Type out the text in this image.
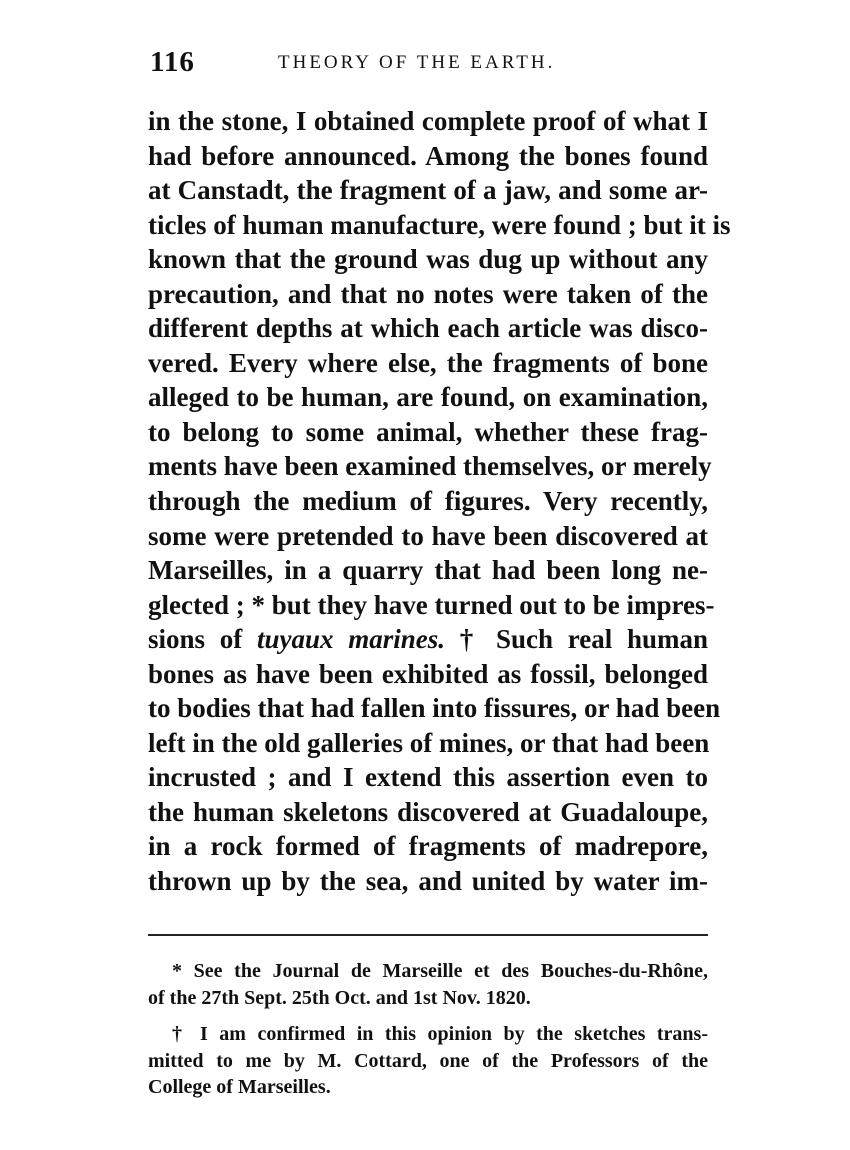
116	THEORY OF THE EARTH.
in the stone, I obtained complete proof of what I
had before announced. Among the bones found
at Canstadt, the fragment of a jaw, and some ar-
ticles of human manufacture, were found ; but it is
known that the ground was dug up without any
precaution, and that no notes were taken of the
different depths at which each article was disco-
vered. Every where else, the fragments of bone
alleged to be human, are found, on examination,
to belong to some animal, whether these frag-
ments have been examined themselves, or merely
through the medium of figures. Very recently,
some were pretended to have been discovered at
Marseilles, in a quarry that had been long ne-
glected ; * but they have turned out to be impres-
sions of tuyaux marines. † Such real human
bones as have been exhibited as fossil, belonged
to bodies that had fallen into fissures, or had been
left in the old galleries of mines, or that had been
incrusted ; and I extend this assertion even to
the human skeletons discovered at Guadaloupe,
in a rock formed of fragments of madrepore,
thrown up by the sea, and united by water im-
* See the Journal de Marseille et des Bouches-du-Rhône,
of the 27th Sept. 25th Oct. and 1st Nov. 1820.
† I am confirmed in this opinion by the sketches trans-
mitted to me by M. Cottard, one of the Professors of the
College of Marseilles.
